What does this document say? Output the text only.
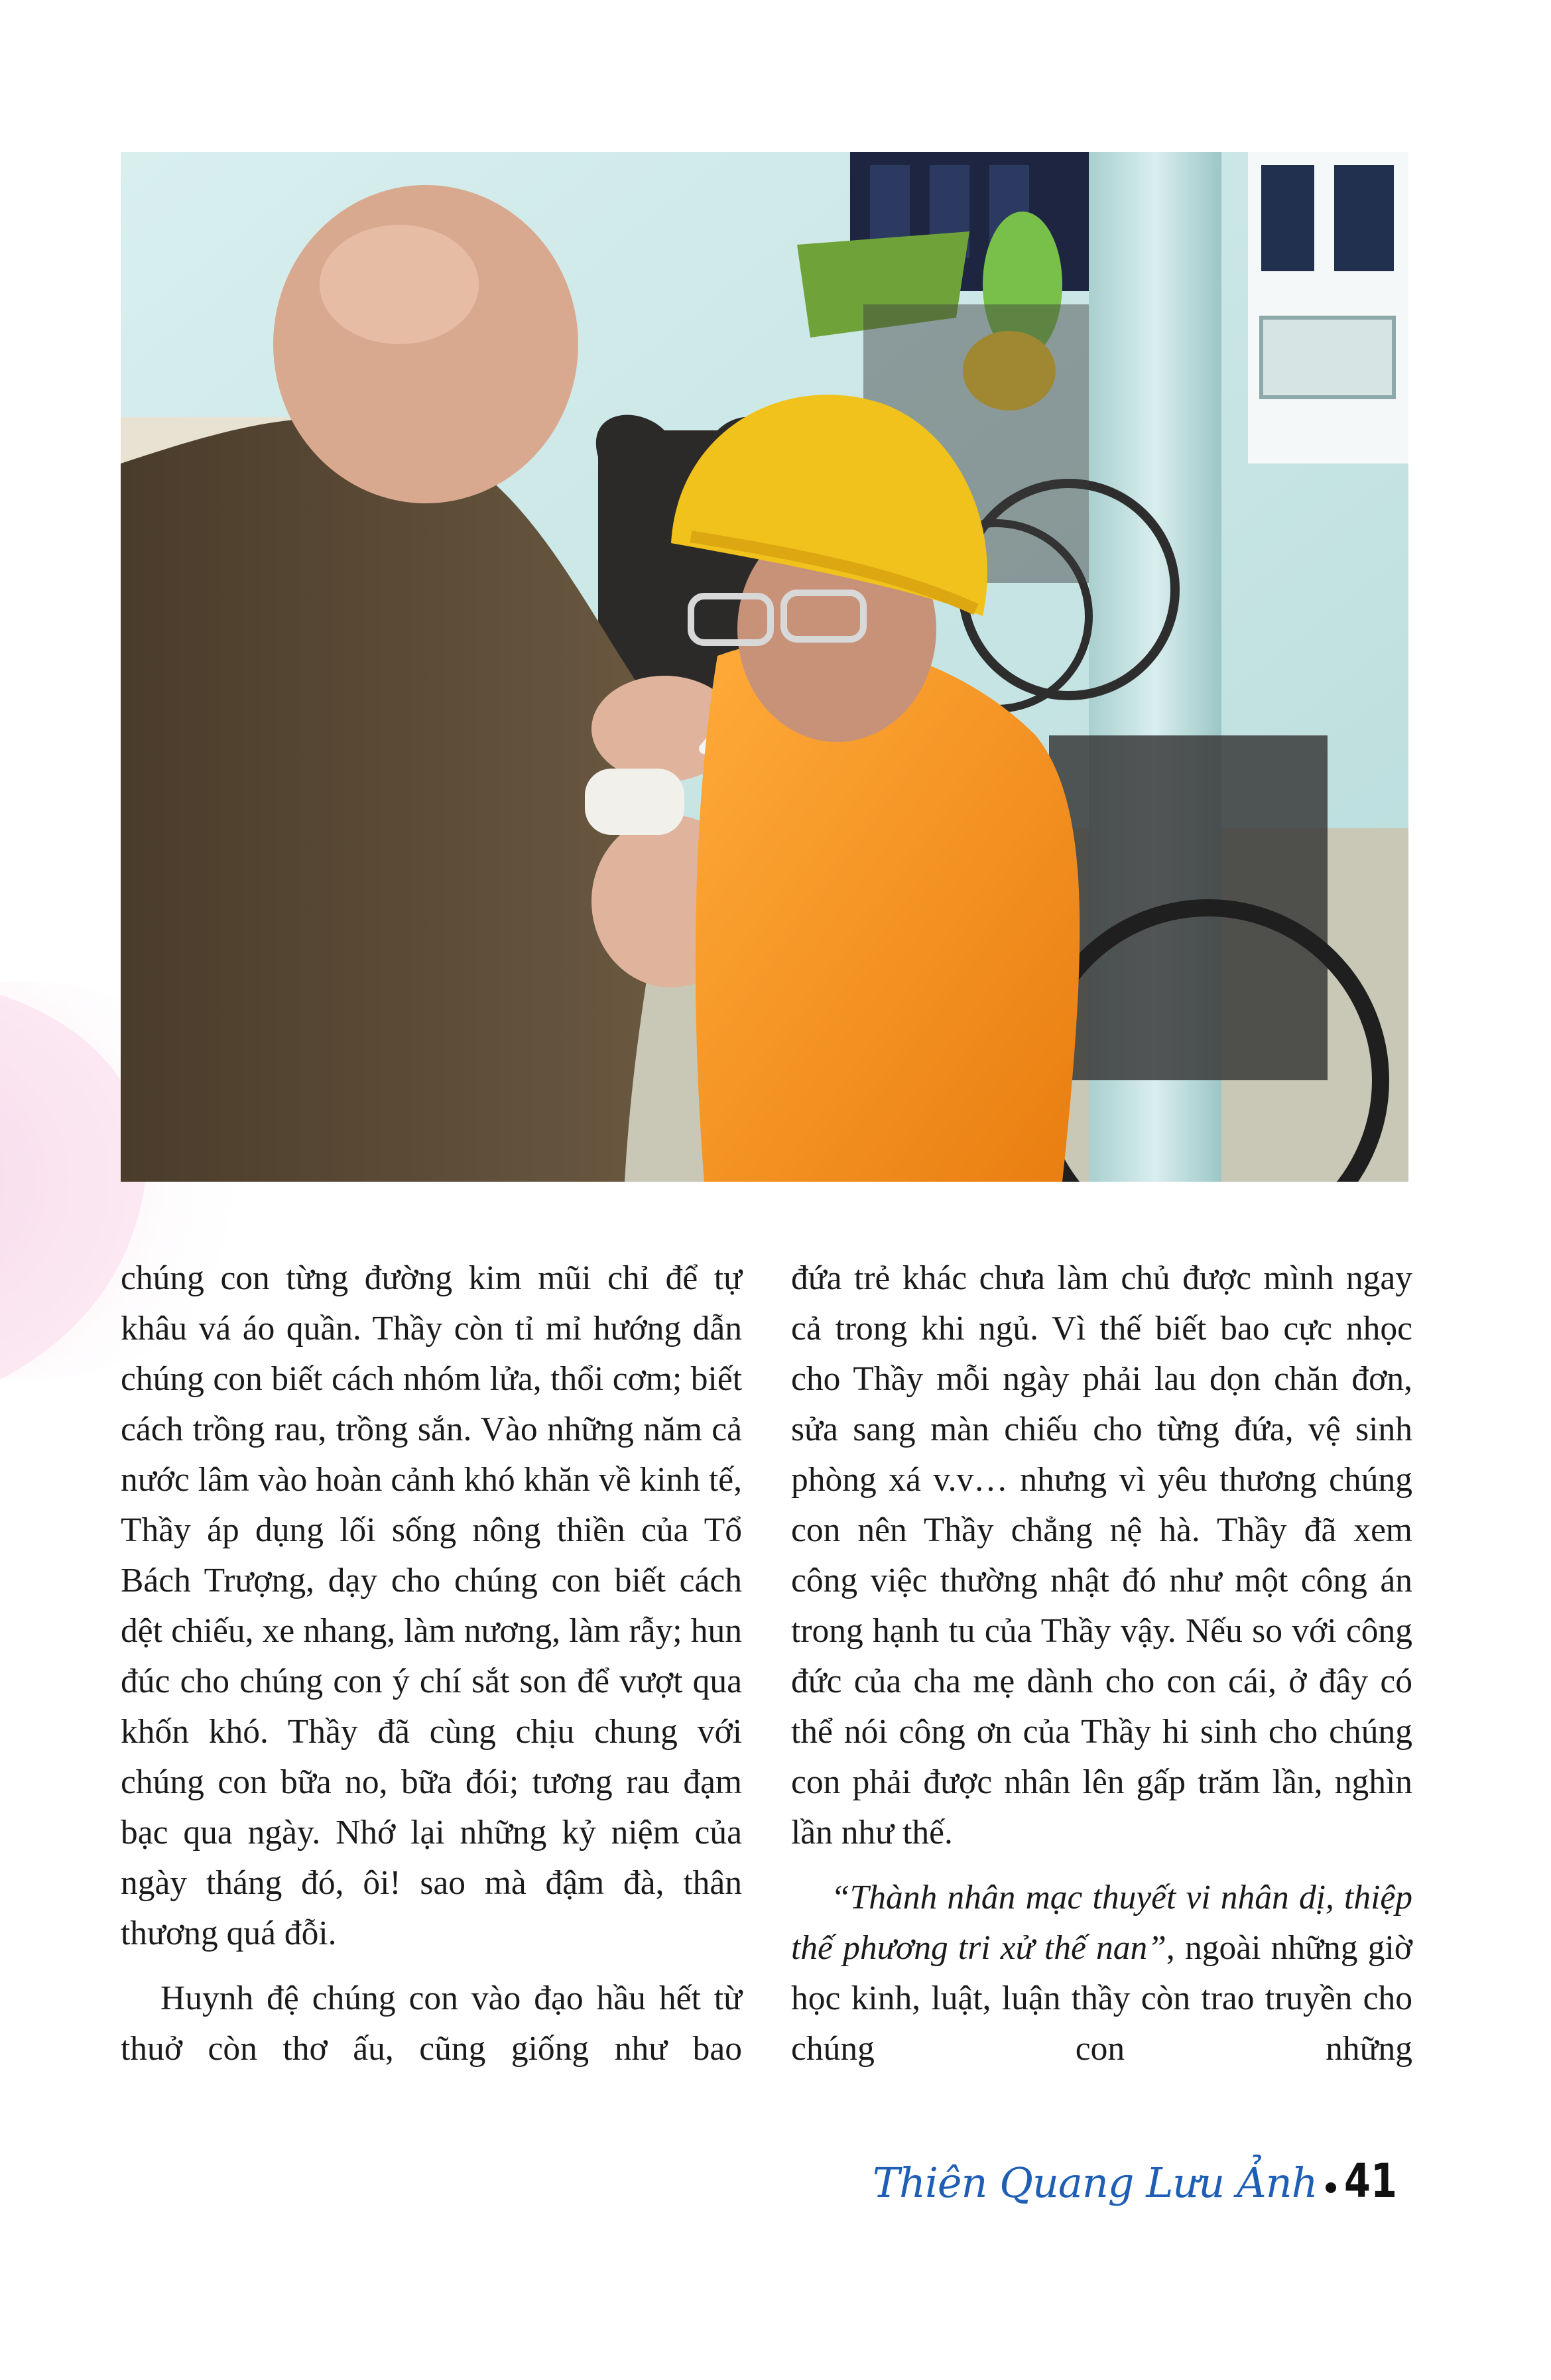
chúng con từng đường kim mũi chỉ để tự khâu vá áo quần. Thầy còn tỉ mỉ hướng dẫn chúng con biết cách nhóm lửa, thổi cơm; biết cách trồng rau, trồng sắn. Vào những năm cả nước lâm vào hoàn cảnh khó khăn về kinh tế, Thầy áp dụng lối sống nông thiền của Tổ Bách Trượng, dạy cho chúng con biết cách dệt chiếu, xe nhang, làm nương, làm rẫy; hun đúc cho chúng con ý chí sắt son để vượt qua khốn khó. Thầy đã cùng chịu chung với chúng con bữa no, bữa đói; tương rau đạm bạc qua ngày. Nhớ lại những kỷ niệm của ngày tháng đó, ôi! sao mà đậm đà, thân thương quá đỗi.

Huynh đệ chúng con vào đạo hầu hết từ thuở còn thơ ấu, cũng giống như bao

đứa trẻ khác chưa làm chủ được mình ngay cả trong khi ngủ. Vì thế biết bao cực nhọc cho Thầy mỗi ngày phải lau dọn chăn đơn, sửa sang màn chiếu cho từng đứa, vệ sinh phòng xá v.v… nhưng vì yêu thương chúng con nên Thầy chẳng nệ hà. Thầy đã xem công việc thường nhật đó như một công án trong hạnh tu của Thầy vậy. Nếu so với công đức của cha mẹ dành cho con cái, ở đây có thể nói công ơn của Thầy hi sinh cho chúng con phải được nhân lên gấp trăm lần, nghìn lần như thế.

“Thành nhân mạc thuyết vi nhân dị, thiệp thế phương tri xử thế nan”, ngoài những giờ học kinh, luật, luận thầy còn trao truyền cho chúng con những

Thiên Quang Lưu Ảnh 41
